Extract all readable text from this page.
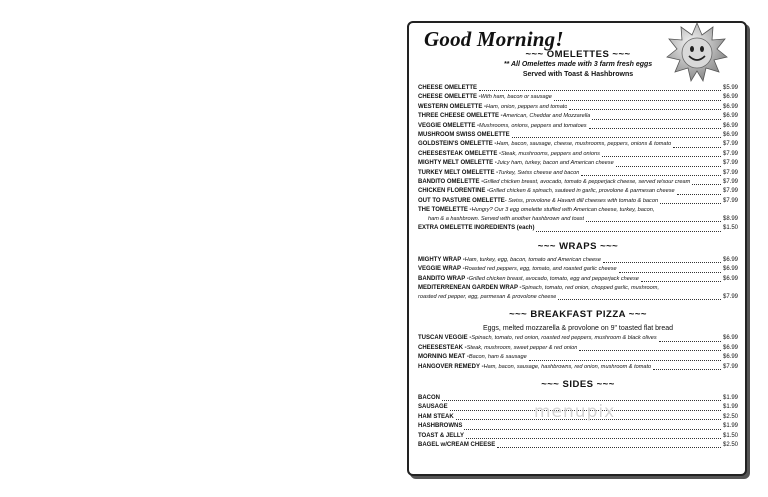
Good Morning!
~~~ OMELETTES ~~~
** All Omelettes made with 3 farm fresh eggs
Served with Toast & Hashbrowns
CHEESE OMELETTE	$5.99
CHEESE OMELETTE - With ham, bacon or sausage	$6.99
WESTERN OMELETTE - Ham, onion, peppers and tomato	$6.99
THREE CHEESE OMELETTE - American, Cheddar and Mozzarella	$6.99
VEGGIE OMELETTE - Mushrooms, onions, peppers and tomatoes	$6.99
MUSHROOM SWISS OMELETTE	$6.99
GOLDSTEIN'S OMELETTE - Ham, bacon, sausage, cheese, mushrooms, peppers, onions & tomato	$7.99
CHEESESTEAK OMELETTE - Steak, mushrooms, peppers and onions	$7.99
MIGHTY MELT OMELETTE - Juicy ham, turkey, bacon and American cheese	$7.99
TURKEY MELT OMELETTE - Turkey, Swiss cheese and bacon	$7.99
BANDITO OMELETTE - Grilled chicken breast, avocado, tomato & pepperjack cheese, served w/sour cream	$7.99
CHICKEN FLORENTINE - Grilled chicken & spinach, sauteed in garlic, provolone & parmesan cheese	$7.99
OUT TO PASTURE OMELETTE - Swiss, provolone & Havarti dill cheeses with tomato & bacon	$7.99
THE TOMELETTE - Hungry? Our 3 egg omelette stuffed with American cheese, turkey, bacon,
ham & a hashbrown. Served with another hashbrown and toast	$8.99
EXTRA OMELETTE INGREDIENTS (each)	$1.50
~~~ WRAPS ~~~
MIGHTY WRAP - Ham, turkey, egg, bacon, tomato and American cheese	$6.99
VEGGIE WRAP - Roasted red peppers, egg, tomato, and roasted garlic cheese	$6.99
BANDITO WRAP - Grilled chicken breast, avocado, tomato, egg and pepperjack cheese	$6.99
MEDITERRENEAN GARDEN WRAP - Spinach, tomato, red onion, chopped garlic, mushroom,
roasted red pepper, egg, parmesan & provolone cheese	$7.99
~~~ BREAKFAST PIZZA ~~~
Eggs, melted mozzarella & provolone on 9" toasted flat bread
TUSCAN VEGGIE - Spinach, tomato, red onion, roasted red peppers, mushroom & black olives	$6.99
CHEESESTEAK - Steak, mushroom, sweet pepper & red onion	$6.99
MORNING MEAT - Bacon, ham & sausage	$6.99
HANGOVER REMEDY - Ham, bacon, sausage, hashbrowns, red onion, mushroom & tomato	$7.99
~~~ SIDES ~~~
BACON	$1.99
SAUSAGE	$1.99
HAM STEAK	$2.50
HASHBROWNS	$1.99
TOAST & JELLY	$1.50
BAGEL w/CREAM CHEESE	$2.50
menupix
